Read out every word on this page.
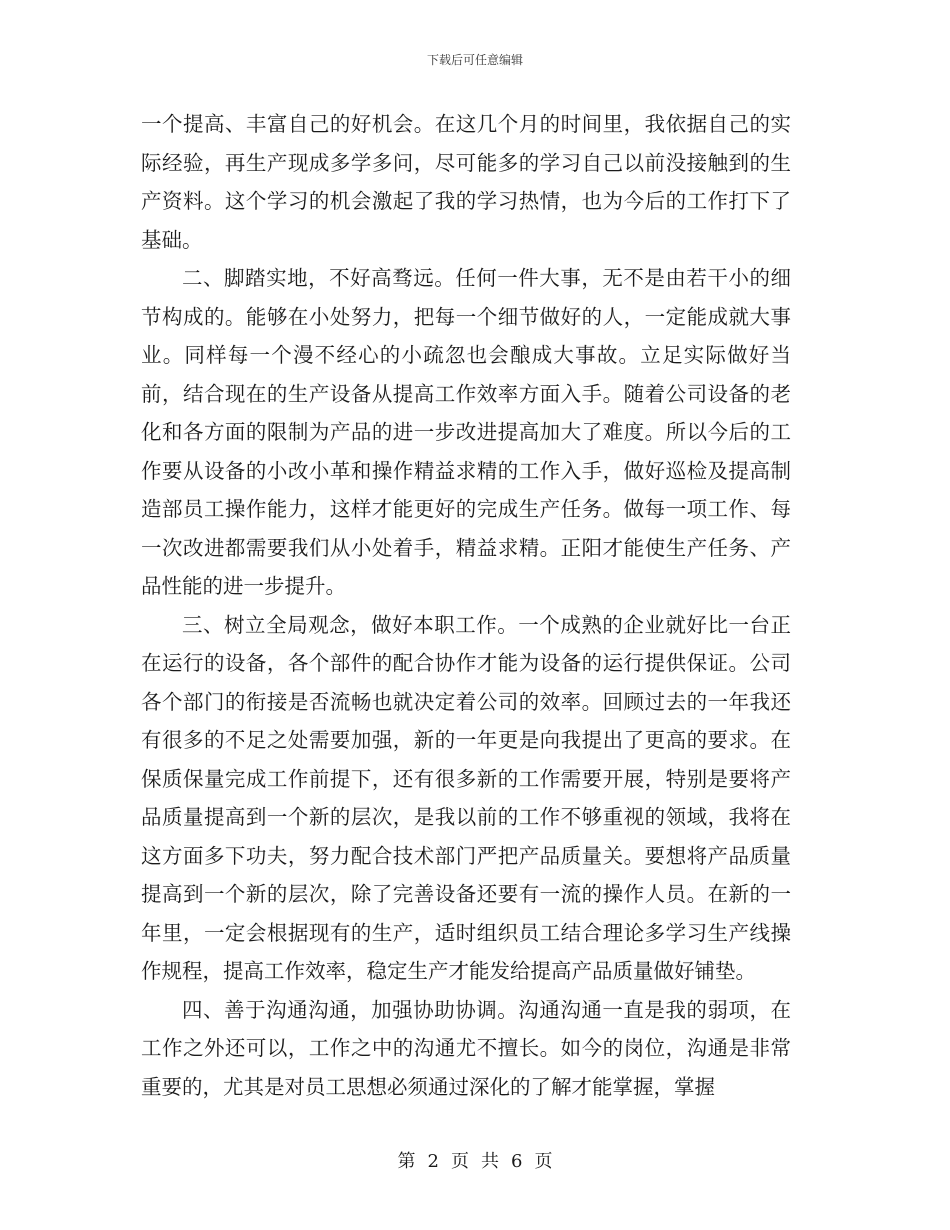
下载后可任意编辑

一个提高、丰富自己的好机会。在这几个月的时间里，我依据自己的实际经验，再生产现成多学多问，尽可能多的学习自己以前没接触到的生产资料。这个学习的机会激起了我的学习热情，也为今后的工作打下了基础。

二、脚踏实地，不好高骛远。任何一件大事，无不是由若干小的细节构成的。能够在小处努力，把每一个细节做好的人，一定能成就大事业。同样每一个漫不经心的小疏忽也会酿成大事故。立足实际做好当前，结合现在的生产设备从提高工作效率方面入手。随着公司设备的老化和各方面的限制为产品的进一步改进提高加大了难度。所以今后的工作要从设备的小改小革和操作精益求精的工作入手，做好巡检及提高制造部员工操作能力，这样才能更好的完成生产任务。做每一项工作、每一次改进都需要我们从小处着手，精益求精。正阳才能使生产任务、产品性能的进一步提升。

三、树立全局观念，做好本职工作。一个成熟的企业就好比一台正在运行的设备，各个部件的配合协作才能为设备的运行提供保证。公司各个部门的衔接是否流畅也就决定着公司的效率。回顾过去的一年我还有很多的不足之处需要加强，新的一年更是向我提出了更高的要求。在保质保量完成工作前提下，还有很多新的工作需要开展，特别是要将产品质量提高到一个新的层次，是我以前的工作不够重视的领域，我将在这方面多下功夫，努力配合技术部门严把产品质量关。要想将产品质量提高到一个新的层次，除了完善设备还要有一流的操作人员。在新的一年里，一定会根据现有的生产，适时组织员工结合理论多学习生产线操作规程，提高工作效率，稳定生产才能发给提高产品质量做好铺垫。

四、善于沟通沟通，加强协助协调。沟通沟通一直是我的弱项，在工作之外还可以，工作之中的沟通尤不擅长。如今的岗位，沟通是非常重要的，尤其是对员工思想必须通过深化的了解才能掌握，掌握

第 2 页 共 6 页
